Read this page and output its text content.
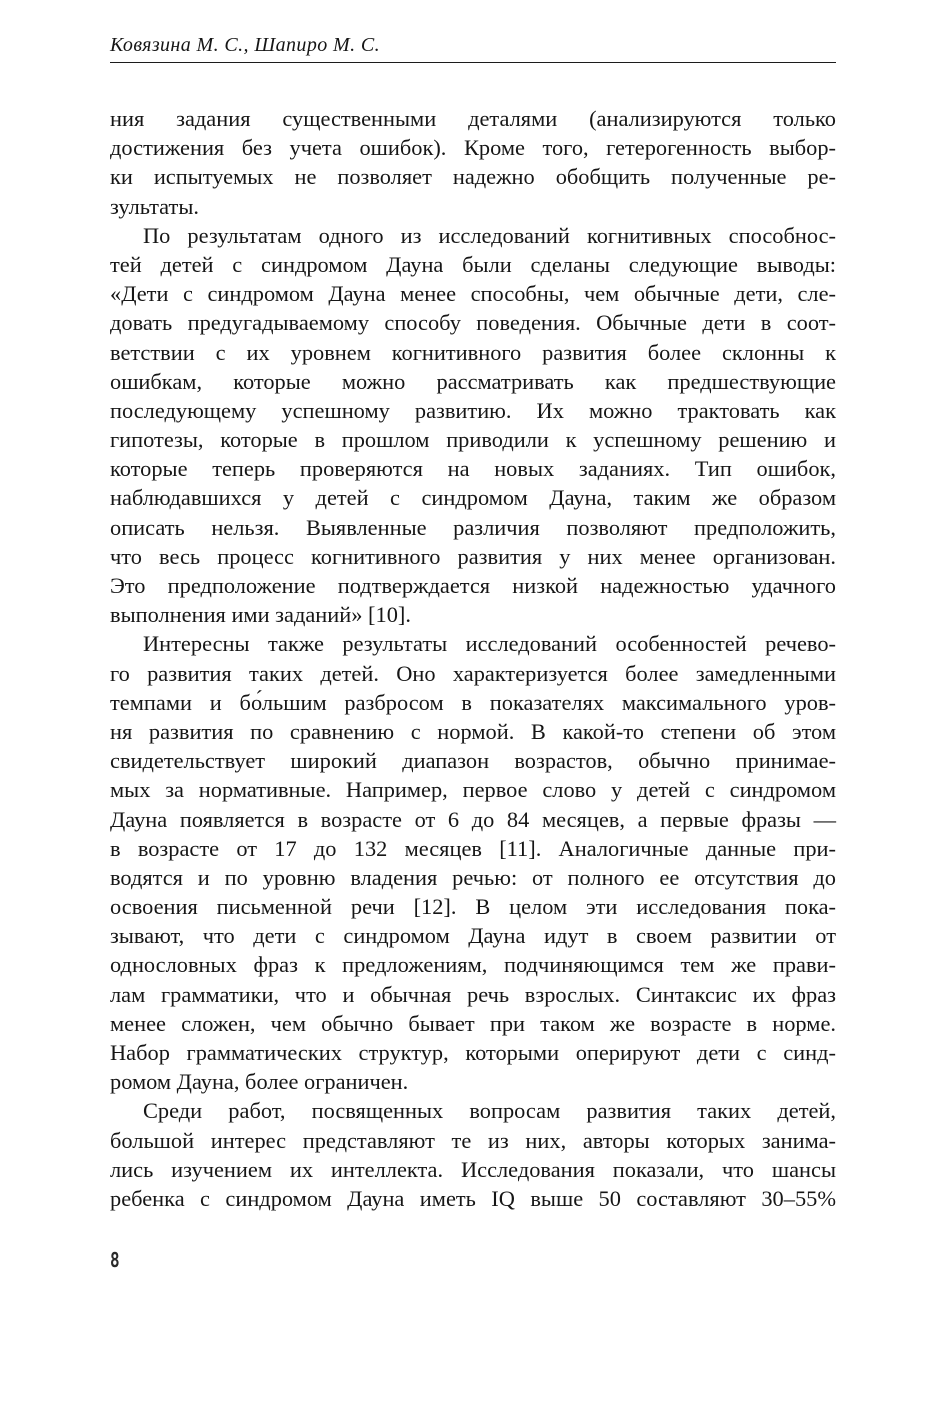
Ковязина М. С., Шапиро М. С.
ния задания существенными деталями (анализируются только
достижения без учета ошибок). Кроме того, гетерогенность выбор-
ки испытуемых не позволяет надежно обобщить полученные ре-
зультаты.
По результатам одного из исследований когнитивных способнос-
тей детей с синдромом Дауна были сделаны следующие выводы:
«Дети с синдромом Дауна менее способны, чем обычные дети, сле-
довать предугадываемому способу поведения. Обычные дети в соот-
ветствии с их уровнем когнитивного развития более склонны к
ошибкам, которые можно рассматривать как предшествующие
последующему успешному развитию. Их можно трактовать как
гипотезы, которые в прошлом приводили к успешному решению и
которые теперь проверяются на новых заданиях. Тип ошибок,
наблюдавшихся у детей с синдромом Дауна, таким же образом
описать нельзя. Выявленные различия позволяют предположить,
что весь процесс когнитивного развития у них менее организован.
Это предположение подтверждается низкой надежностью удачного
выполнения ими заданий» [10].
Интересны также результаты исследований особенностей речево-
го развития таких детей. Оно характеризуется более замедленными
темпами и бо́льшим разбросом в показателях максимального уров-
ня развития по сравнению с нормой. В какой-то степени об этом
свидетельствует широкий диапазон возрастов, обычно принимае-
мых за нормативные. Например, первое слово у детей с синдромом
Дауна появляется в возрасте от 6 до 84 месяцев, а первые фразы —
в возрасте от 17 до 132 месяцев [11]. Аналогичные данные при-
водятся и по уровню владения речью: от полного ее отсутствия до
освоения письменной речи [12]. В целом эти исследования пока-
зывают, что дети с синдромом Дауна идут в своем развитии от
однословных фраз к предложениям, подчиняющимся тем же прави-
лам грамматики, что и обычная речь взрослых. Синтаксис их фраз
менее сложен, чем обычно бывает при таком же возрасте в норме.
Набор грамматических структур, которыми оперируют дети с синд-
ромом Дауна, более ограничен.
Среди работ, посвященных вопросам развития таких детей,
большой интерес представляют те из них, авторы которых занима-
лись изучением их интеллекта. Исследования показали, что шансы
ребенка с синдромом Дауна иметь IQ выше 50 составляют 30–55%
8
